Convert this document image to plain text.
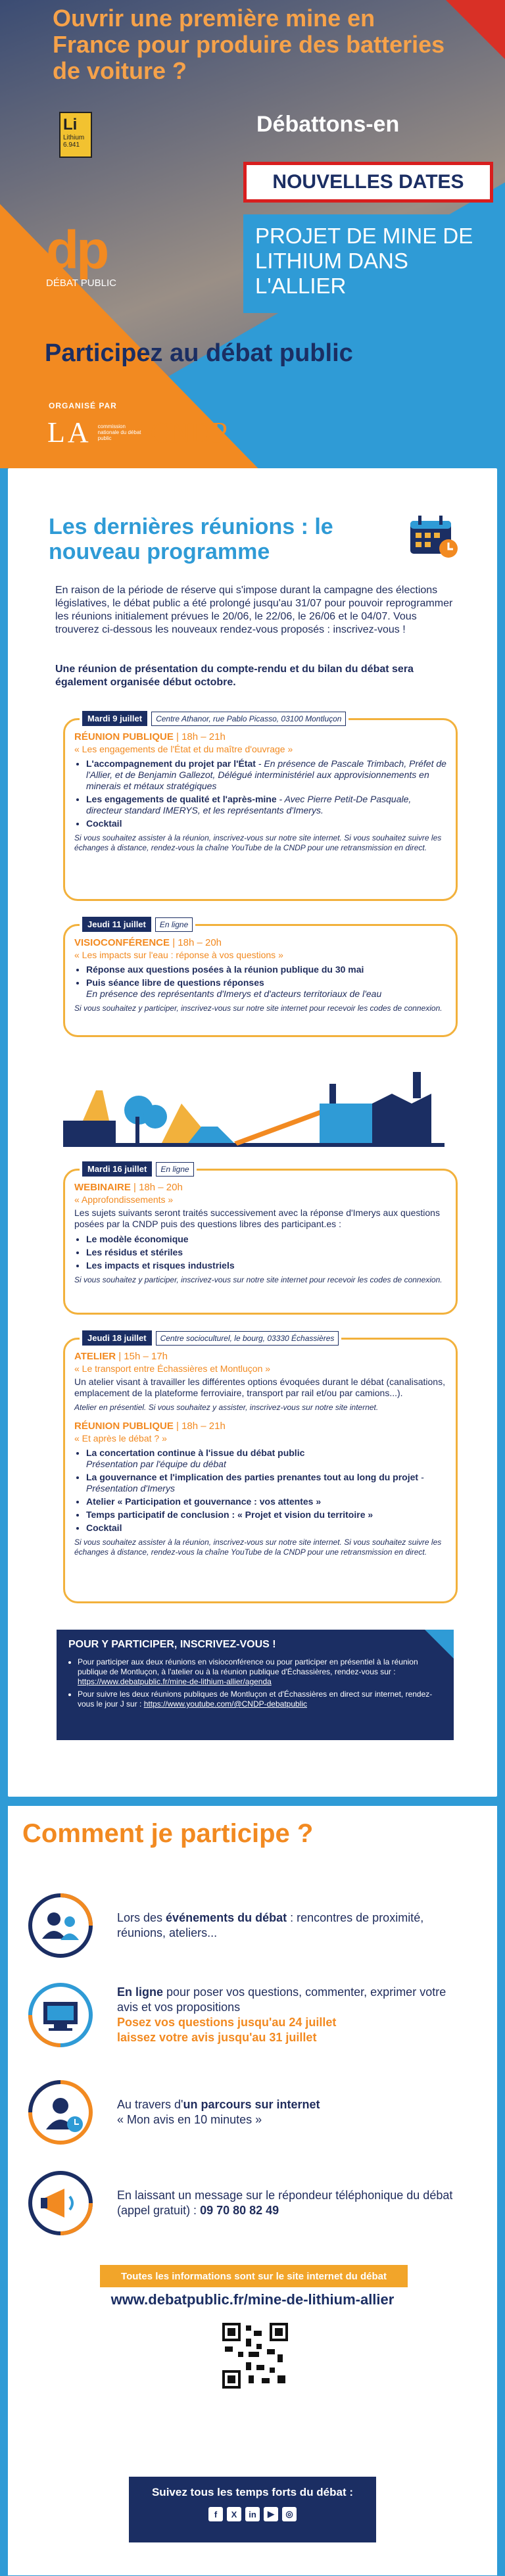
Ouvrir une première mine en France pour produire des batteries de voiture ?
Li
Lithium
6.941
Débattons-en
NOUVELLES DATES
PROJET DE MINE DE LITHIUM DANS L'ALLIER
dp
DÉBAT PUBLIC
Participez au débat public
ORGANISÉ PAR
LA commission nationale du débat public	CNDP
Les dernières réunions : le nouveau programme
En raison de la période de réserve qui s'impose durant la campagne des élections législatives, le débat public a été prolongé jusqu'au 31/07 pour pouvoir reprogrammer les réunions initialement prévues le 20/06, le 22/06, le 26/06 et le 04/07. Vous trouverez ci-dessous les nouveaux rendez-vous proposés : inscrivez-vous !
Une réunion de présentation du compte-rendu et du bilan du débat sera également organisée début octobre.
Mardi 9 juillet	Centre Athanor, rue Pablo Picasso, 03100 Montluçon
RÉUNION PUBLIQUE | 18h – 21h
« Les engagements de l'État et du maître d'ouvrage »
• L'accompagnement du projet par l'État - En présence de Pascale Trimbach, Préfet de l'Allier, et de Benjamin Gallezot, Délégué interministériel aux approvisionnements en minerais et métaux stratégiques
• Les engagements de qualité et l'après-mine - Avec Pierre Petit-De Pasquale, directeur standard IMERYS, et les représentants d'Imerys.
• Cocktail

Si vous souhaitez assister à la réunion, inscrivez-vous sur notre site internet. Si vous souhaitez suivre les échanges à distance, rendez-vous la chaîne YouTube de la CNDP pour une retransmission en direct.

Jeudi 11 juillet	En ligne
VISIOCONFÉRENCE | 18h – 20h
« Les impacts sur l'eau : réponse à vos questions »
• Réponse aux questions posées à la réunion publique du 30 mai
• Puis séance libre de questions réponses
En présence des représentants d'Imerys et d'acteurs territoriaux de l'eau

Si vous souhaitez y participer, inscrivez-vous sur notre site internet pour recevoir les codes de connexion.

Mardi 16 juillet	En ligne
WEBINAIRE | 18h – 20h
« Approfondissements »

Les sujets suivants seront traités successivement avec la réponse d'Imerys aux questions posées par la CNDP puis des questions libres des participant.es :

• Le modèle économique
• Les résidus et stériles
• Les impacts et risques industriels

Si vous souhaitez y participer, inscrivez-vous sur notre site internet pour recevoir les codes de connexion.

Jeudi 18 juillet	Centre socioculturel, le bourg, 03330 Échassières
ATELIER | 15h – 17h
« Le transport entre Échassières et Montluçon »

Un atelier visant à travailler les différentes options évoquées durant le débat (canalisations, emplacement de la plateforme ferroviaire, transport par rail et/ou par camions...).

Atelier en présentiel. Si vous souhaitez y assister, inscrivez-vous sur notre site internet.

RÉUNION PUBLIQUE | 18h – 21h
« Et après le débat ? »
• La concertation continue à l'issue du débat public
Présentation par l'équipe du débat
• La gouvernance et l'implication des parties prenantes tout au long du projet - Présentation d'Imerys
• Atelier « Participation et gouvernance : vos attentes »
• Temps participatif de conclusion : « Projet et vision du territoire »
• Cocktail

Si vous souhaitez assister à la réunion, inscrivez-vous sur notre site internet. Si vous souhaitez suivre les échanges à distance, rendez-vous la chaîne YouTube de la CNDP pour une retransmission en direct.

POUR Y PARTICIPER, INSCRIVEZ-VOUS !
• Pour participer aux deux réunions en visioconférence ou pour participer en présentiel à la réunion publique de Montluçon, à l'atelier ou à la réunion publique d'Échassières, rendez-vous sur : https://www.debatpublic.fr/mine-de-lithium-allier/agenda
• Pour suivre les deux réunions publiques de Montluçon et d'Échassières en direct sur internet, rendez-vous le jour J sur : https://www.youtube.com/@CNDP-debatpublic
Comment je participe ?
Lors des événements du débat : rencontres de proximité, réunions, ateliers...
En ligne pour poser vos questions, commenter, exprimer votre avis et vos propositions
Posez vos questions jusqu'au 24 juillet
laissez votre avis jusqu'au 31 juillet
Au travers d'un parcours sur internet
« Mon avis en 10 minutes »
En laissant un message sur le répondeur téléphonique du débat (appel gratuit) : 09 70 80 82 49
Toutes les informations sont sur le site internet du débat
www.debatpublic.fr/mine-de-lithium-allier
Suivez tous les temps forts du débat :
f	X	in	▶	◎
